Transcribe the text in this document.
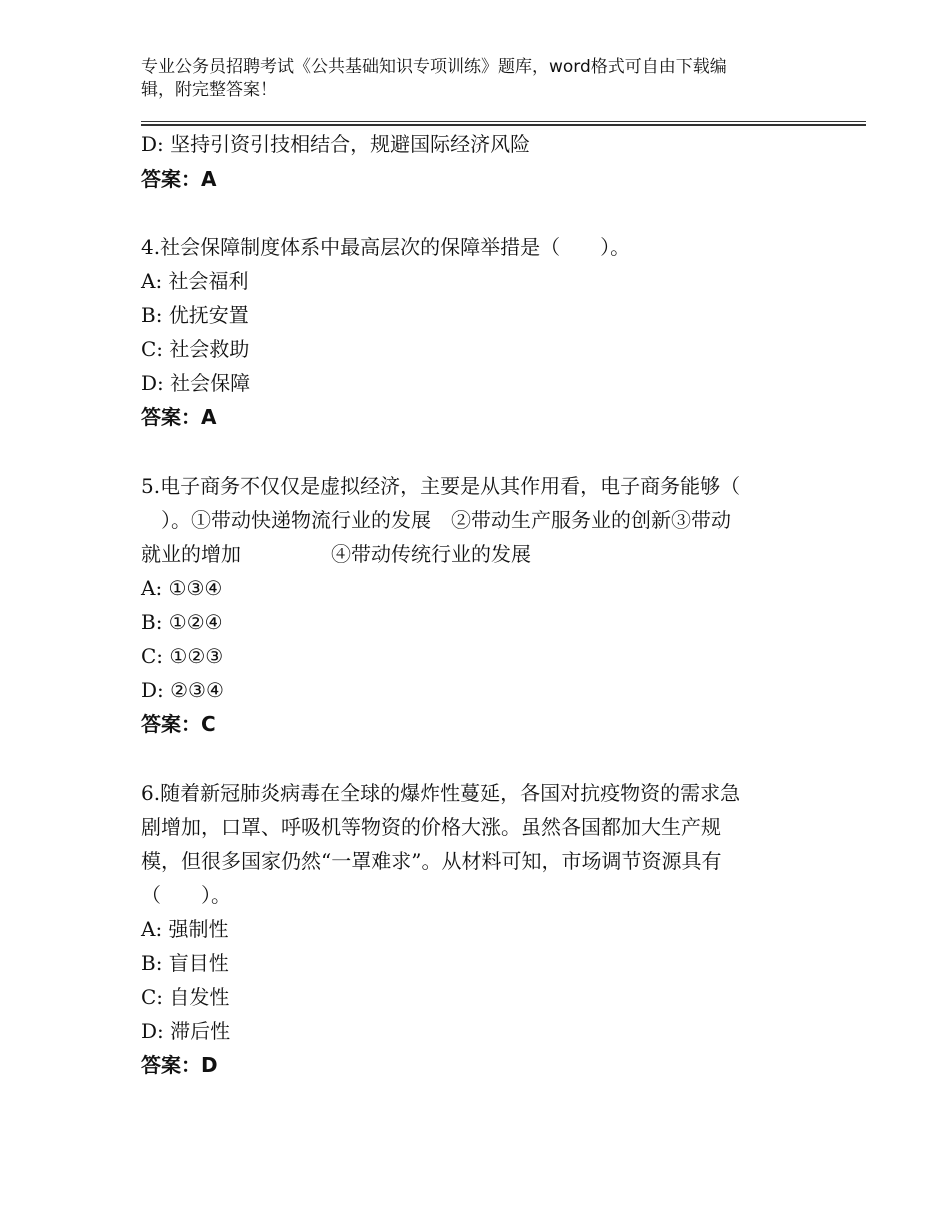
专业公务员招聘考试《公共基础知识专项训练》题库，word格式可自由下载编
辑，附完整答案！
D: 坚持引资引技相结合，规避国际经济风险
答案：A
4.社会保障制度体系中最高层次的保障举措是（　　）。
A: 社会福利
B: 优抚安置
C: 社会救助
D: 社会保障
答案：A
5.电子商务不仅仅是虚拟经济，主要是从其作用看，电子商务能够（
　）。①带动快递物流行业的发展 ②带动生产服务业的创新③带动
就业的增加	④带动传统行业的发展
A: ①③④
B: ①②④
C: ①②③
D: ②③④
答案：C
6.随着新冠肺炎病毒在全球的爆炸性蔓延，各国对抗疫物资的需求急
剧增加，口罩、呼吸机等物资的价格大涨。虽然各国都加大生产规
模，但很多国家仍然“一罩难求”。从材料可知，市场调节资源具有
（　　）。
A: 强制性
B: 盲目性
C: 自发性
D: 滞后性
答案：D
